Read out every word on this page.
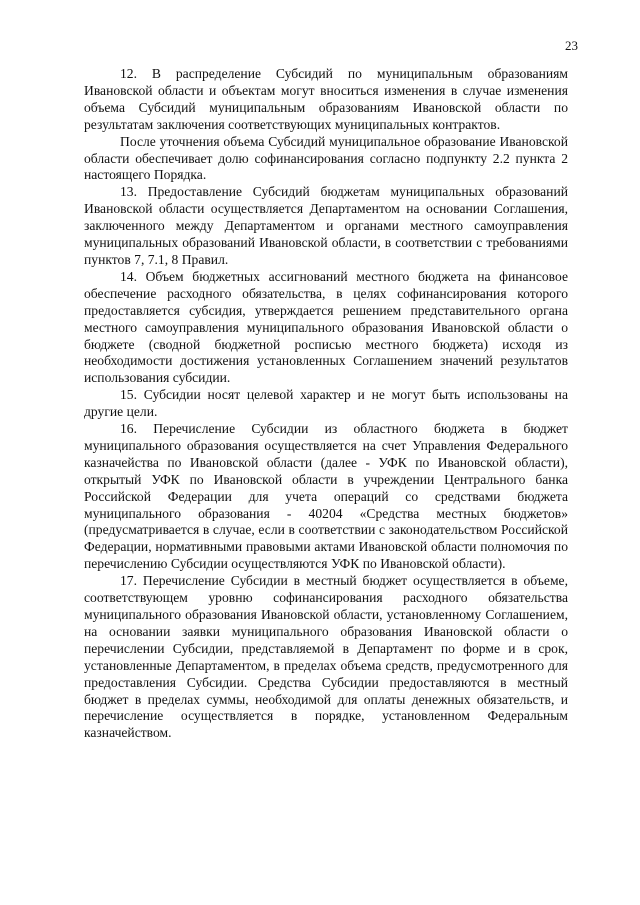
23

12. В распределение Субсидий по муниципальным образованиям Ивановской области и объектам могут вноситься изменения в случае изменения объема Субсидий муниципальным образованиям Ивановской области по результатам заключения соответствующих муниципальных контрактов.

После уточнения объема Субсидий муниципальное образование Ивановской области обеспечивает долю софинансирования согласно подпункту 2.2 пункта 2 настоящего Порядка.

13. Предоставление Субсидий бюджетам муниципальных образований Ивановской области осуществляется Департаментом на основании Соглашения, заключенного между Департаментом и органами местного самоуправления муниципальных образований Ивановской области, в соответствии с требованиями пунктов 7, 7.1, 8 Правил.

14. Объем бюджетных ассигнований местного бюджета на финансовое обеспечение расходного обязательства, в целях софинансирования которого предоставляется субсидия, утверждается решением представительного органа местного самоуправления муниципального образования Ивановской области о бюджете (сводной бюджетной росписью местного бюджета) исходя из необходимости достижения установленных Соглашением значений результатов использования субсидии.

15. Субсидии носят целевой характер и не могут быть использованы на другие цели.

16. Перечисление Субсидии из областного бюджета в бюджет муниципального образования осуществляется на счет Управления Федерального казначейства по Ивановской области (далее - УФК по Ивановской области), открытый УФК по Ивановской области в учреждении Центрального банка Российской Федерации для учета операций со средствами бюджета муниципального образования - 40204 «Средства местных бюджетов» (предусматривается в случае, если в соответствии с законодательством Российской Федерации, нормативными правовыми актами Ивановской области полномочия по перечислению Субсидии осуществляются УФК по Ивановской области).

17. Перечисление Субсидии в местный бюджет осуществляется в объеме, соответствующем уровню софинансирования расходного обязательства муниципального образования Ивановской области, установленному Соглашением, на основании заявки муниципального образования Ивановской области о перечислении Субсидии, представляемой в Департамент по форме и в срок, установленные Департаментом, в пределах объема средств, предусмотренного для предоставления Субсидии. Средства Субсидии предоставляются в местный бюджет в пределах суммы, необходимой для оплаты денежных обязательств, и перечисление осуществляется в порядке, установленном Федеральным казначейством.
